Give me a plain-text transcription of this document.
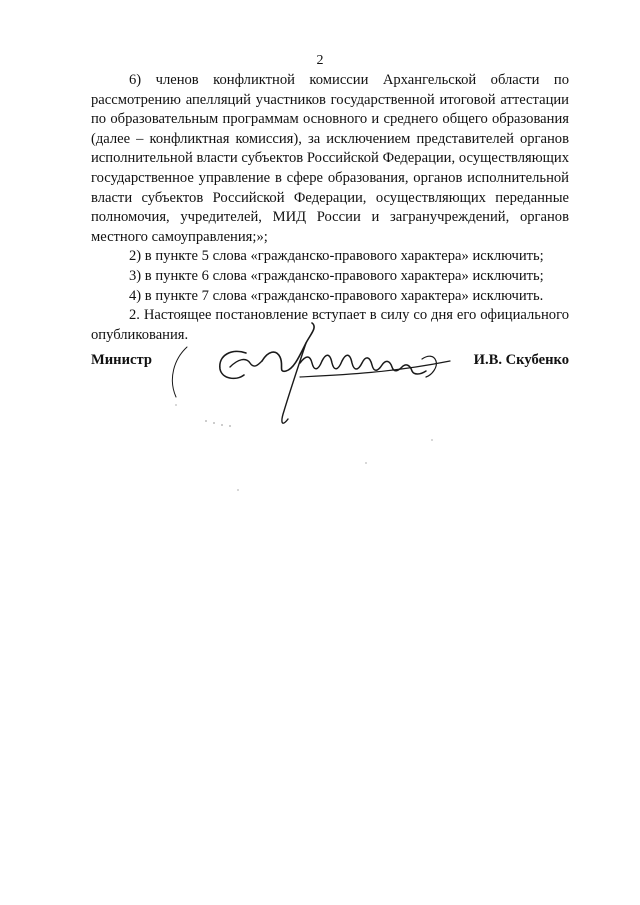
2

6) членов конфликтной комиссии Архангельской области по рассмотрению апелляций участников государственной итоговой аттестации по образовательным программам основного и среднего общего образования (далее – конфликтная комиссия), за исключением представителей органов исполнительной власти субъектов Российской Федерации, осуществляющих государственное управление в сфере образования, органов исполнительной власти субъектов Российской Федерации, осуществляющих переданные полномочия, учредителей, МИД России и загранучреждений, органов местного самоуправления;»;

2) в пункте 5 слова «гражданско-правового характера» исключить;

3) в пункте 6 слова «гражданско-правового характера» исключить;

4) в пункте 7 слова «гражданско-правового характера» исключить.

2. Настоящее постановление вступает в силу со дня его официального опубликования.

Министр	И.В. Скубенко
